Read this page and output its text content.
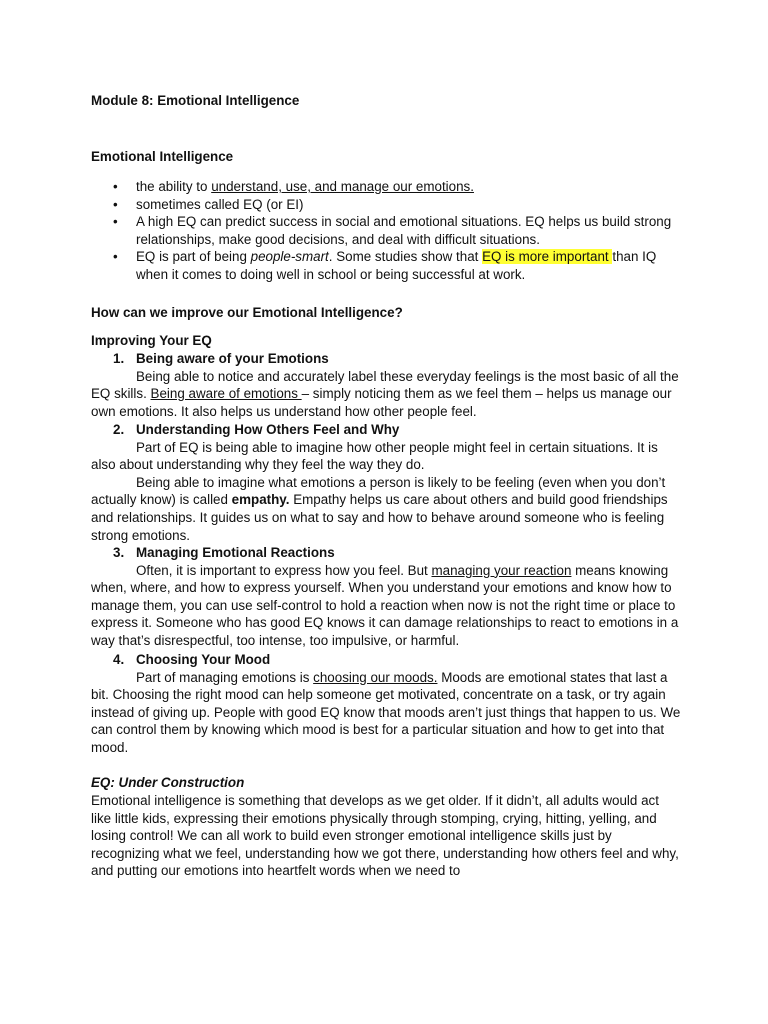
Module 8: Emotional Intelligence
Emotional Intelligence
• the ability to understand, use, and manage our emotions.
• sometimes called EQ (or EI)
• A high EQ can predict success in social and emotional situations. EQ helps us build strong relationships, make good decisions, and deal with difficult situations.
• EQ is part of being people-smart. Some studies show that EQ is more important than IQ when it comes to doing well in school or being successful at work.
How can we improve our Emotional Intelligence?
Improving Your EQ
1. Being aware of your Emotions
Being able to notice and accurately label these everyday feelings is the most basic of all the EQ skills. Being aware of emotions – simply noticing them as we feel them – helps us manage our own emotions. It also helps us understand how other people feel.
2. Understanding How Others Feel and Why
Part of EQ is being able to imagine how other people might feel in certain situations. It is also about understanding why they feel the way they do.
Being able to imagine what emotions a person is likely to be feeling (even when you don’t actually know) is called empathy. Empathy helps us care about others and build good friendships and relationships. It guides us on what to say and how to behave around someone who is feeling strong emotions.
3. Managing Emotional Reactions
Often, it is important to express how you feel. But managing your reaction means knowing when, where, and how to express yourself. When you understand your emotions and know how to manage them, you can use self-control to hold a reaction when now is not the right time or place to express it. Someone who has good EQ knows it can damage relationships to react to emotions in a way that’s disrespectful, too intense, too impulsive, or harmful.
4. Choosing Your Mood
Part of managing emotions is choosing our moods. Moods are emotional states that last a bit. Choosing the right mood can help someone get motivated, concentrate on a task, or try again instead of giving up. People with good EQ know that moods aren’t just things that happen to us. We can control them by knowing which mood is best for a particular situation and how to get into that mood.
EQ: Under Construction
Emotional intelligence is something that develops as we get older. If it didn’t, all adults would act like little kids, expressing their emotions physically through stomping, crying, hitting, yelling, and losing control! We can all work to build even stronger emotional intelligence skills just by recognizing what we feel, understanding how we got there, understanding how others feel and why, and putting our emotions into heartfelt words when we need to
